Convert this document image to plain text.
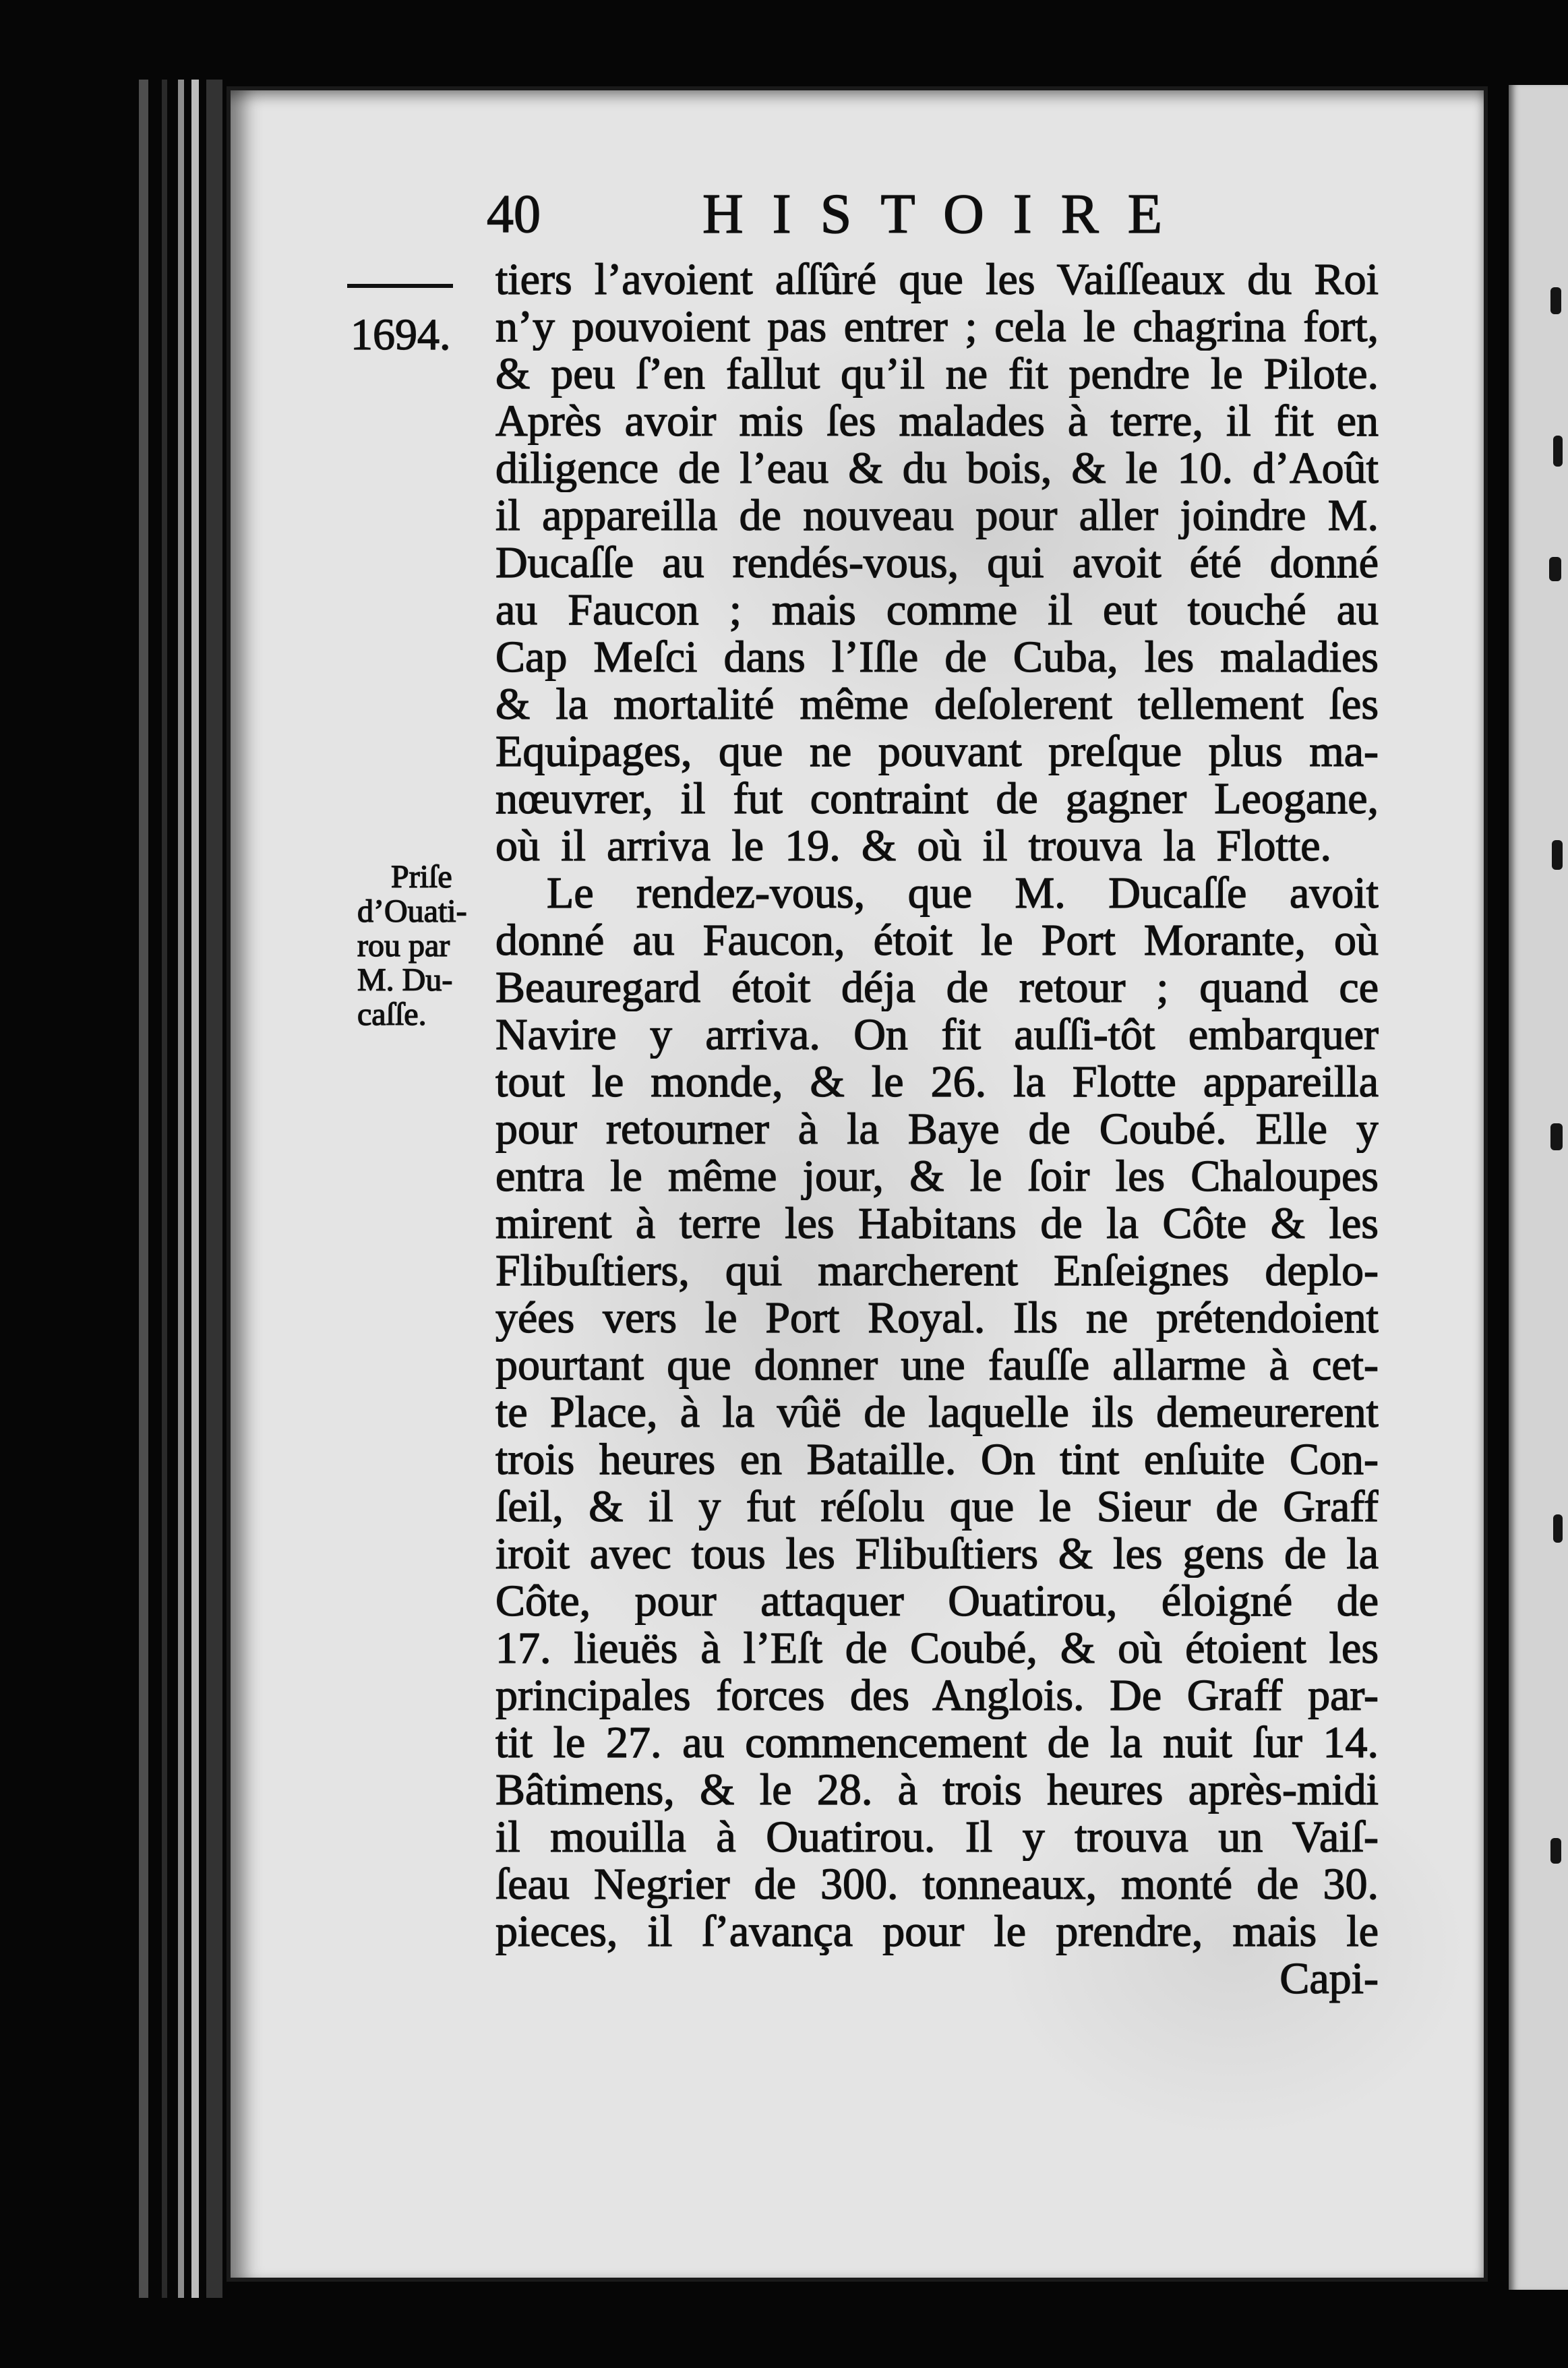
40	HISTOIRE
1694.
Priſe
d’Ouati-
rou par
M. Du-
caſſe.
tiers l’avoient aſſûré que les Vaiſſeaux du Roi
n’y pouvoient pas entrer ; cela le chagrina fort,
& peu ſ’en fallut qu’il ne fit pendre le Pilote.
Après avoir mis ſes malades à terre, il fit en
diligence de l’eau & du bois, & le 10. d’Août
il appareilla de nouveau pour aller joindre M.
Ducaſſe au rendés-vous, qui avoit été donné
au Faucon ; mais comme il eut touché au
Cap Meſci dans l’Iſle de Cuba, les maladies
& la mortalité même deſolerent tellement ſes
Equipages, que ne pouvant preſque plus ma-
nœuvrer, il fut contraint de gagner Leogane,
où il arriva le 19. & où il trouva la Flotte.
Le rendez-vous, que M. Ducaſſe avoit
donné au Faucon, étoit le Port Morante, où
Beauregard étoit déja de retour ; quand ce
Navire y arriva. On fit auſſi-tôt embarquer
tout le monde, & le 26. la Flotte appareilla
pour retourner à la Baye de Coubé. Elle y
entra le même jour, & le ſoir les Chaloupes
mirent à terre les Habitans de la Côte & les
Flibuſtiers, qui marcherent Enſeignes deplo-
yées vers le Port Royal. Ils ne prétendoient
pourtant que donner une fauſſe allarme à cet-
te Place, à la vûë de laquelle ils demeurerent
trois heures en Bataille. On tint enſuite Con-
ſeil, & il y fut réſolu que le Sieur de Graff
iroit avec tous les Flibuſtiers & les gens de la
Côte, pour attaquer Ouatirou, éloigné de
17. lieuës à l’Eſt de Coubé, & où étoient les
principales forces des Anglois. De Graff par-
tit le 27. au commencement de la nuit ſur 14.
Bâtimens, & le 28. à trois heures après-midi
il mouilla à Ouatirou. Il y trouva un Vaiſ-
ſeau Negrier de 300. tonneaux, monté de 30.
pieces, il ſ’avança pour le prendre, mais le
Capi-
